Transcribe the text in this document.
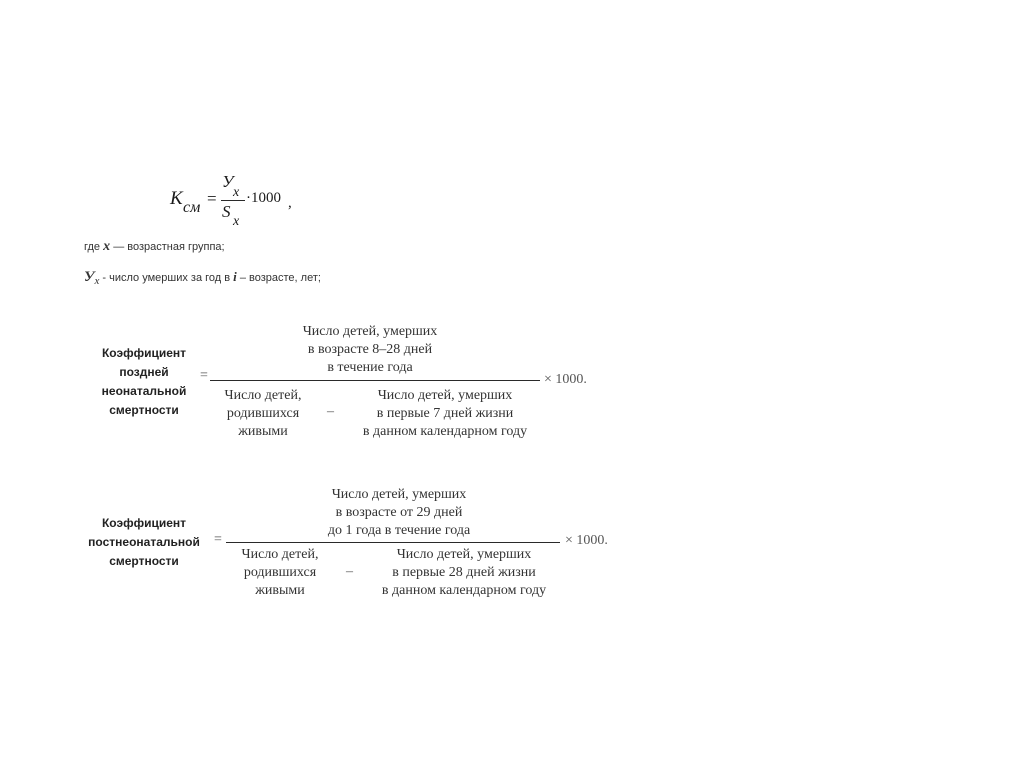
K см =
У
x
S
x
·1000 ,
где x — возрастная группа;
Уx - число умерших за год в i – возрасте, лет;
Коэффициент
поздней
неонатальной
смертности
=
Число детей, умерших
в возрасте 8–28 дней
в течение года
Число детей,
родившихся
живыми
–
Число детей, умерших
в первые 7 дней жизни
в данном календарном году
× 1000.
Коэффициент
постнеонатальной
смертности
=
Число детей, умерших
в возрасте от 29 дней
до 1 года в течение года
Число детей,
родившихся
живыми
–
Число детей, умерших
в первые 28 дней жизни
в данном календарном году
× 1000.
